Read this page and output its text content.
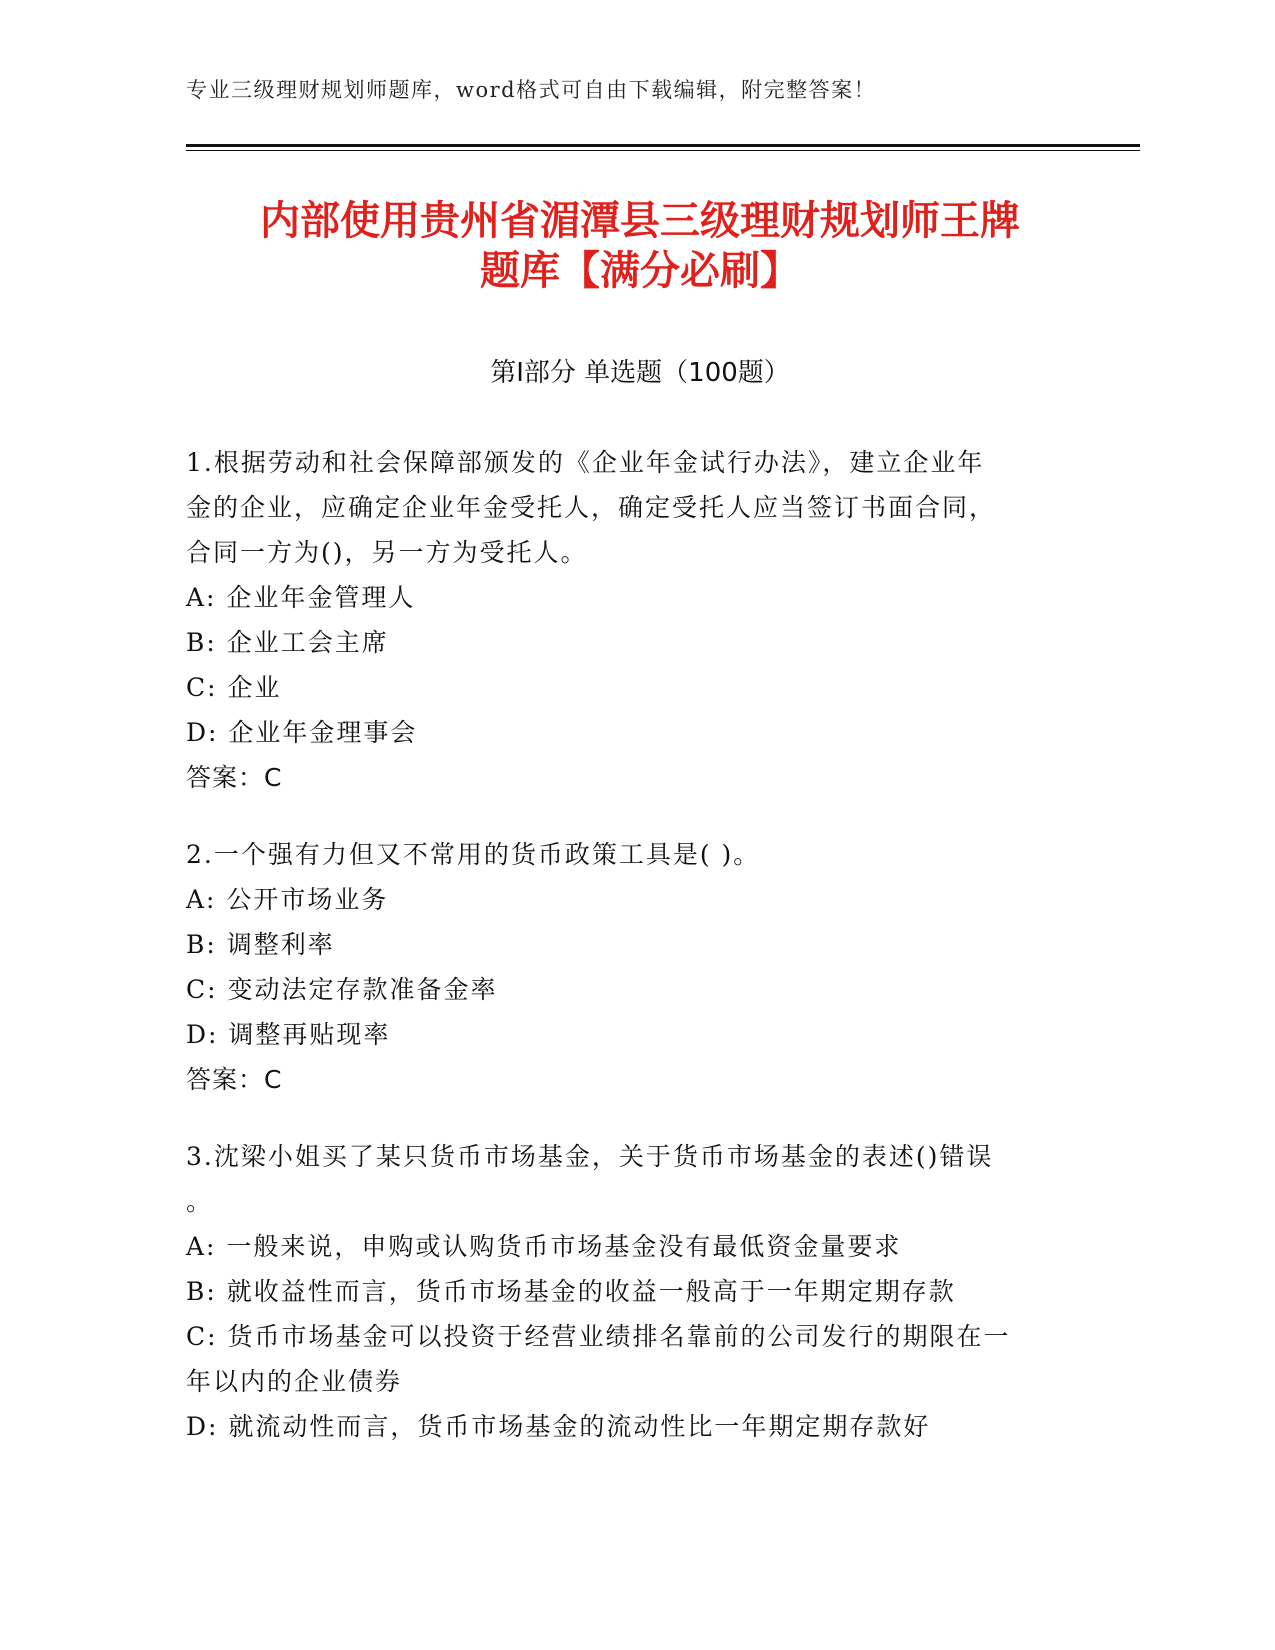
专业三级理财规划师题库，word格式可自由下载编辑，附完整答案！
内部使用贵州省湄潭县三级理财规划师王牌
题库【满分必刷】
第Ⅰ部分 单选题（100题）
1.根据劳动和社会保障部颁发的《企业年金试行办法》，建立企业年
金的企业，应确定企业年金受托人，确定受托人应当签订书面合同，
合同一方为()，另一方为受托人。
A: 企业年金管理人
B: 企业工会主席
C: 企业
D: 企业年金理事会
答案：C
2.一个强有力但又不常用的货币政策工具是( )。
A: 公开市场业务
B: 调整利率
C: 变动法定存款准备金率
D: 调整再贴现率
答案：C
3.沈梁小姐买了某只货币市场基金，关于货币市场基金的表述()错误
。
A: 一般来说，申购或认购货币市场基金没有最低资金量要求
B: 就收益性而言，货币市场基金的收益一般高于一年期定期存款
C: 货币市场基金可以投资于经营业绩排名靠前的公司发行的期限在一
年以内的企业债券
D: 就流动性而言，货币市场基金的流动性比一年期定期存款好
